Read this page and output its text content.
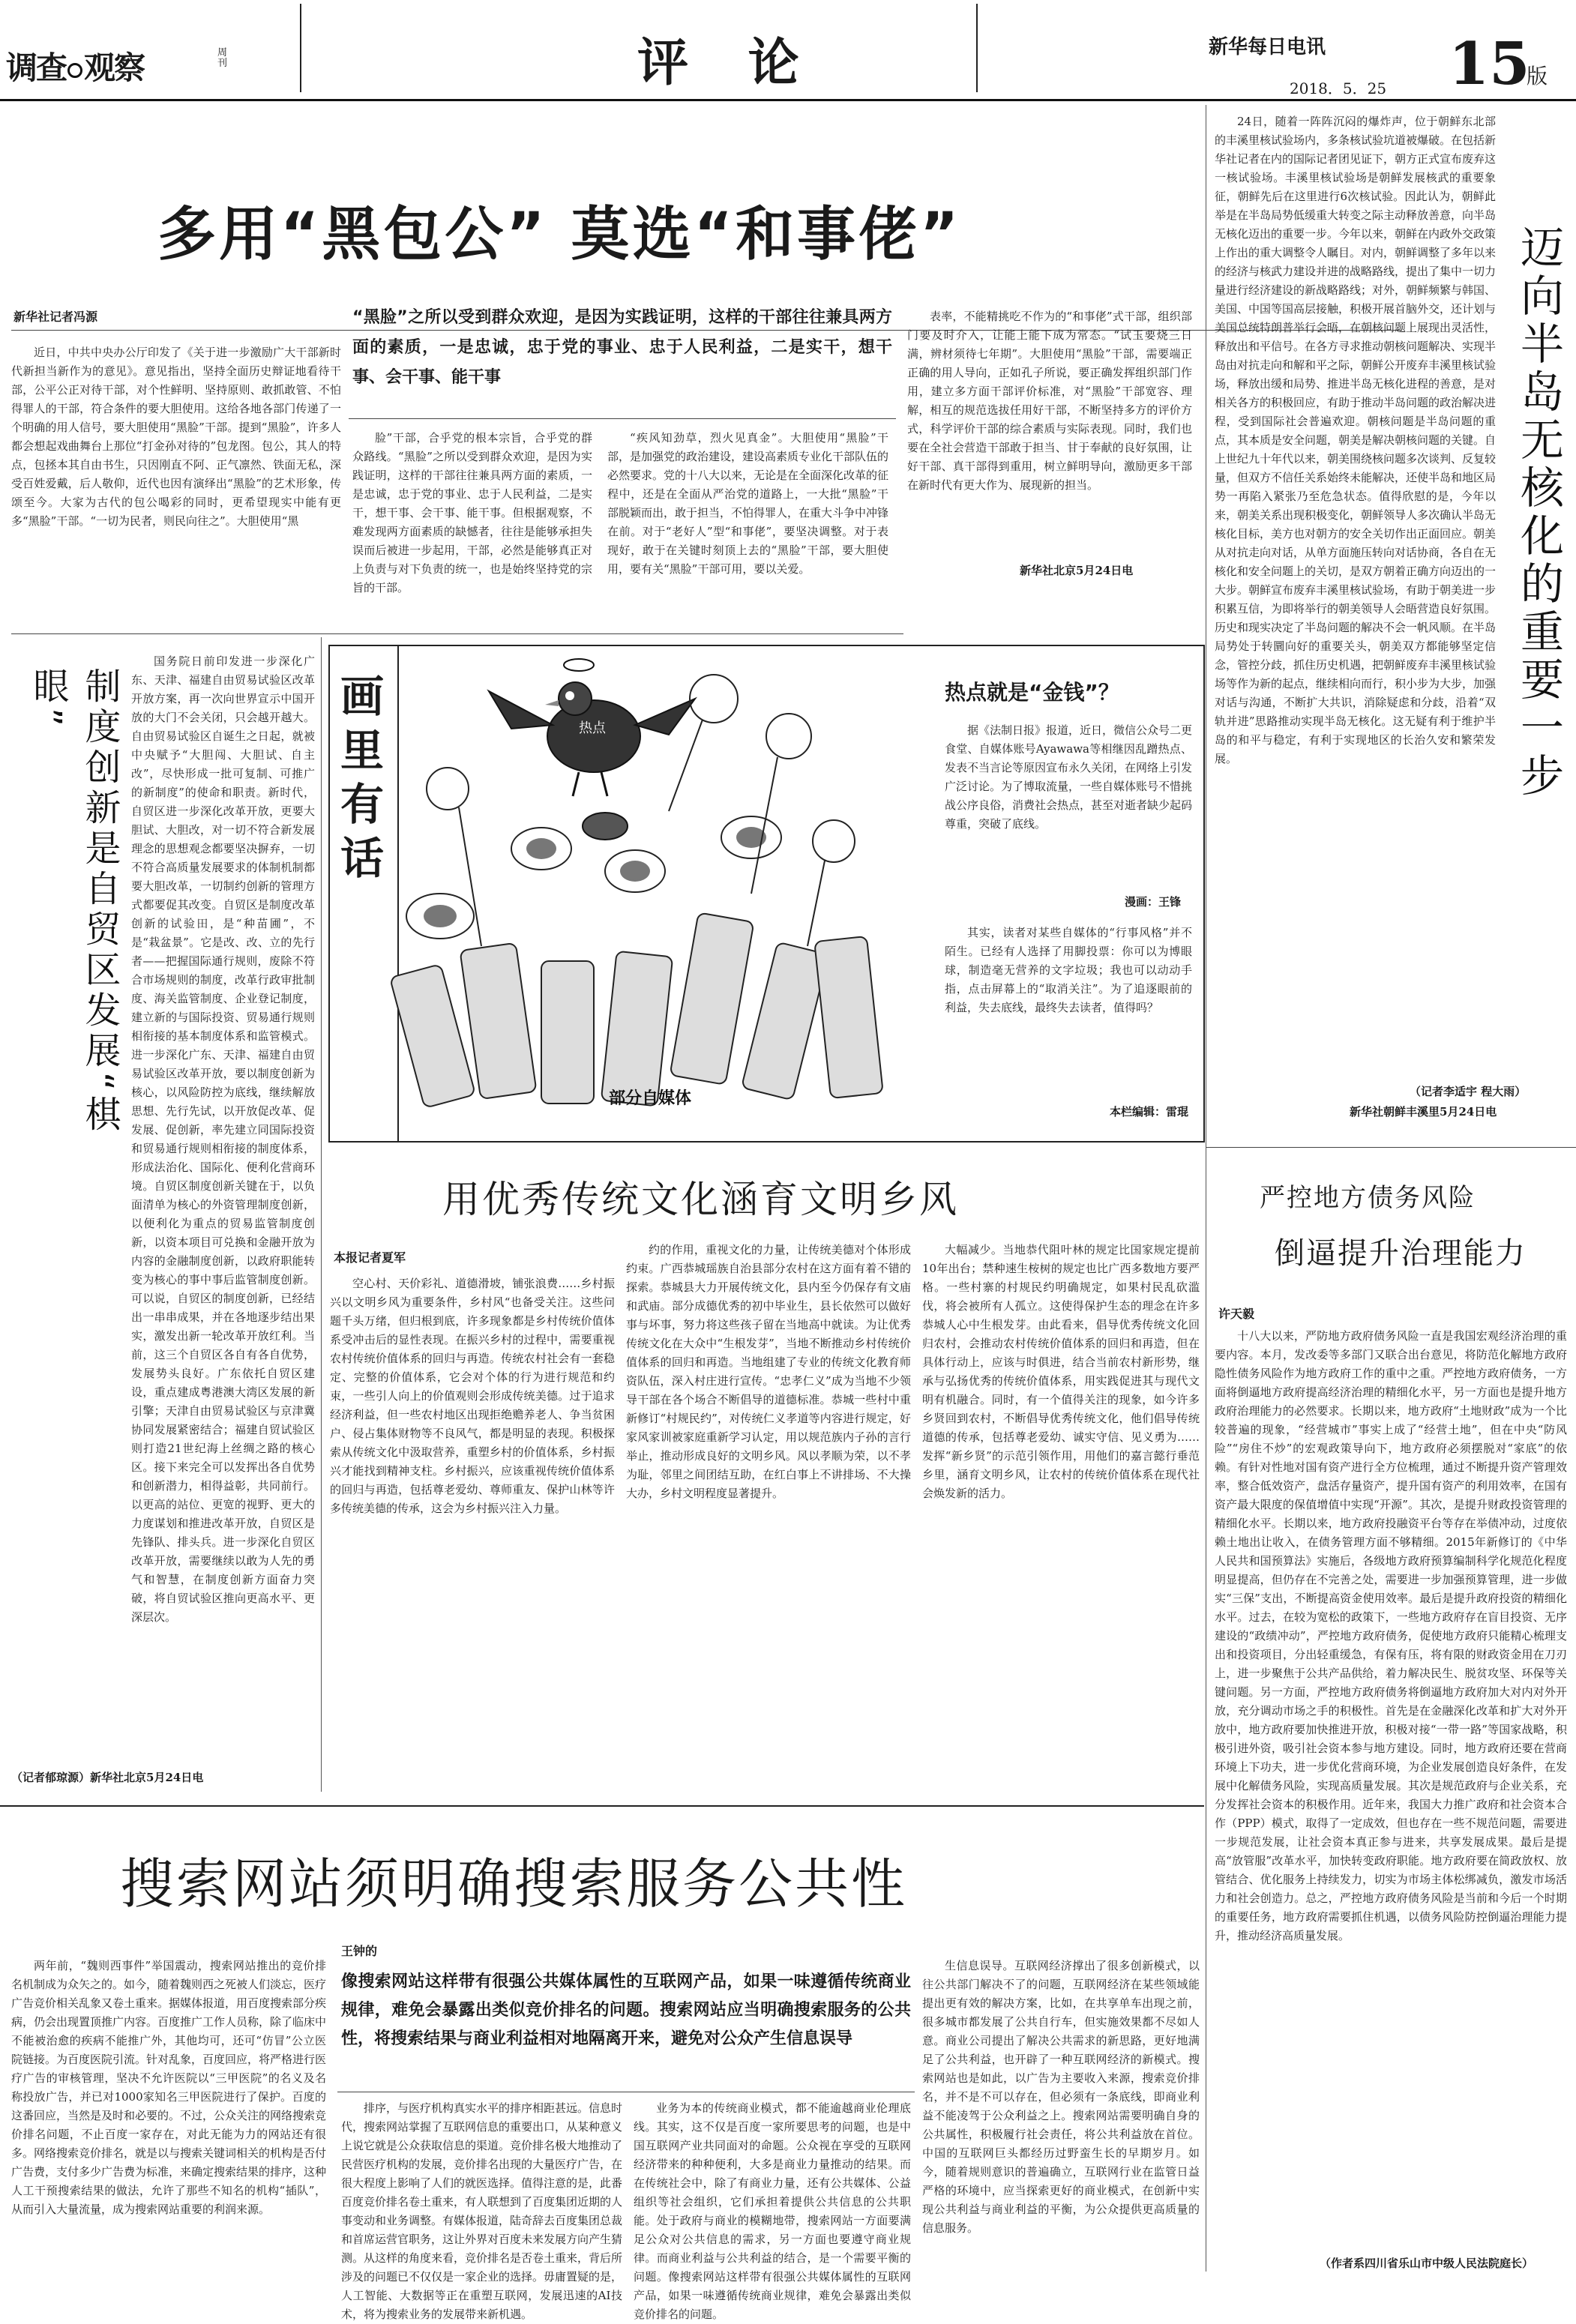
调查 观察	周刊	评 论	新华每日电讯
2018．5．25 15
版
多用“黑包公” 莫选“和事佬”
新华社记者冯源

近日，中共中央办公厅印发了《关于进一步激励广大干部新时代新担当新作为的意见》。意见指出，坚持全面历史辩证地看待干部，公平公正对待干部，对个性鲜明、坚持原则、敢抓敢管、不怕得罪人的干部，符合条件的要大胆使用。这给各地各部门传递了一个明确的用人信号，要大胆使用“黑脸”干部。提到“黑脸”，许多人都会想起戏曲舞台上那位“打金孙对待的”包龙图。包公，其人的特点，包拯本其自由书生，只因刚直不阿、正气凛然、铁面无私，深受百姓爱戴，后人敬仰，近代也因有演绎出“黑脸”的艺术形象，传颂至今。大家为古代的包公喝彩的同时，更希望现实中能有更多“黑脸”干部。“一切为民者，则民向往之”。大胆使用“黑

“黑脸”之所以受到群众欢迎，是因为实践证明，这样的干部往往兼具两方面的素质，一是忠诚，忠于党的事业、忠于人民利益，二是实干，想干事、会干事、能干事

脸”干部，合乎党的根本宗旨，合乎党的群众路线。“黑脸”之所以受到群众欢迎，是因为实践证明，这样的干部往往兼具两方面的素质，一是忠诚，忠于党的事业、忠于人民利益，二是实干，想干事、会干事、能干事。但根据观察，不难发现两方面素质的缺憾者，往往是能够承担失误而后被进一步起用，干部，必然是能够真正对上负责与对下负责的统一，也是始终坚持党的宗旨的干部。

“疾风知劲草，烈火见真金”。大胆使用“黑脸”干部，是加强党的政治建设，建设高素质专业化干部队伍的必然要求。党的十八大以来，无论是在全面深化改革的征程中，还是在全面从严治党的道路上，一大批“黑脸”干部脱颖而出，敢于担当，不怕得罪人，在重大斗争中冲锋在前。对于“老好人”型“和事佬”，要坚决调整。对于表现好，敢于在关键时刻顶上去的“黑脸”干部，要大胆使用，要有关“黑脸”干部可用，要以关爱。

表率，不能精挑吃不作为的“和事佬”式干部，组织部门要及时介入，让能上能下成为常态。“试玉要烧三日满，辨材须待七年期”。大胆使用“黑脸”干部，需要端正正确的用人导向，正如孔子所说，要正确发挥组织部门作用，建立多方面干部评价标准，对“黑脸”干部宽容、理解，相互的规范选拔任用好干部，不断坚持多方的评价方式，科学评价干部的综合素质与实际表现。同时，我们也要在全社会营造干部敢于担当、甘于奉献的良好氛围，让好干部、真干部得到重用，树立鲜明导向，激励更多干部在新时代有更大作为、展现新的担当。

新华社北京5月24日电

24日，随着一阵阵沉闷的爆炸声，位于朝鲜东北部的丰溪里核试验场内，多条核试验坑道被爆破。在包括新华社记者在内的国际记者团见证下，朝方正式宣布废弃这一核试验场。丰溪里核试验场是朝鲜发展核武的重要象征，朝鲜先后在这里进行6次核试验。因此认为，朝鲜此举是在半岛局势低缓重大转变之际主动释放善意，向半岛无核化迈出的重要一步。今年以来，朝鲜在内政外交政策上作出的重大调整令人瞩目。对内，朝鲜调整了多年以来的经济与核武力建设并进的战略路线，提出了集中一切力量进行经济建设的新战略路线；对外，朝鲜频繁与韩国、美国、中国等国高层接触，积极开展首脑外交，还计划与美国总统特朗普举行会晤，在朝核问题上展现出灵活性，释放出和平信号。在各方寻求推动朝核问题解决、实现半岛由对抗走向和解和平之际，朝鲜公开废弃丰溪里核试验场，释放出缓和局势、推进半岛无核化进程的善意，是对相关各方的积极回应，有助于推动半岛问题的政治解决进程，受到国际社会普遍欢迎。朝核问题是半岛问题的重点，其本质是安全问题，朝美是解决朝核问题的关键。自上世纪九十年代以来，朝美围绕核问题多次谈判、反复较量，但双方不信任关系始终未能解决，还使半岛和地区局势一再陷入紧张乃至危急状态。值得欣慰的是，今年以来，朝美关系出现积极变化，朝鲜领导人多次确认半岛无核化目标，美方也对朝方的安全关切作出正面回应。朝美从对抗走向对话，从单方面施压转向对话协商，各自在无核化和安全问题上的关切，是双方朝着正确方向迈出的一大步。朝鲜宣布废弃丰溪里核试验场，有助于朝美进一步积累互信，为即将举行的朝美领导人会晤营造良好氛围。历史和现实决定了半岛问题的解决不会一帆风顺。在半岛局势处于转圜向好的重要关头，朝美双方都能够坚定信念，管控分歧，抓住历史机遇，把朝鲜废弃丰溪里核试验场等作为新的起点，继续相向而行，积小步为大步，加强对话与沟通，不断扩大共识，消除疑虑和分歧，沿着“双轨并进”思路推动实现半岛无核化。这无疑有利于维护半岛的和平与稳定，有利于实现地区的长治久安和繁荣发展。	迈向半岛无核化的重要一步
（记者李适宇 程大雨）
新华社朝鲜丰溪里5月24日电
制度创新是自贸区发展“棋眼”

国务院日前印发进一步深化广东、天津、福建自由贸易试验区改革开放方案，再一次向世界宣示中国开放的大门不会关闭，只会越开越大。自由贸易试验区自诞生之日起，就被中央赋予“大胆闯、大胆试、自主改”，尽快形成一批可复制、可推广的新制度”的使命和职责。新时代，自贸区进一步深化改革开放，更要大胆试、大胆改，对一切不符合新发展理念的思想观念都要坚决摒弃，一切不符合高质量发展要求的体制机制都要大胆改革，一切制约创新的管理方式都要促其改变。自贸区是制度改革创新的试验田，是“种苗圃”，不是“栽盆景”。它是改、改、立的先行者——把握国际通行规则，废除不符合市场规则的制度，改革行政审批制度、海关监管制度、企业登记制度，建立新的与国际投资、贸易通行规则相衔接的基本制度体系和监管模式。进一步深化广东、天津、福建自由贸易试验区改革开放，要以制度创新为核心，以风险防控为底线，继续解放思想、先行先试，以开放促改革、促发展、促创新，率先建立同国际投资和贸易通行规则相衔接的制度体系，形成法治化、国际化、便利化营商环境。自贸区制度创新关键在于，以负面清单为核心的外资管理制度创新，以便利化为重点的贸易监管制度创新，以资本项目可兑换和金融开放为内容的金融制度创新，以政府职能转变为核心的事中事后监管制度创新。可以说，自贸区的制度创新，已经结出一串串成果，并在各地逐步结出果实，激发出新一轮改革开放红利。当前，这三个自贸区各自有各自优势，发展势头良好。广东依托自贸区建设，重点建成粤港澳大湾区发展的新引擎；天津自由贸易试验区与京津冀协同发展紧密结合；福建自贸试验区则打造21世纪海上丝绸之路的核心区。接下来完全可以发挥出各自优势和创新潜力，相得益彰，共同前行。以更高的站位、更宽的视野、更大的力度谋划和推进改革开放，自贸区是先锋队、排头兵。进一步深化自贸区改革开放，需要继续以敢为人先的勇气和智慧，在制度创新方面奋力突破，将自贸试验区推向更高水平、更深层次。

（记者郁琼源）新华社北京5月24日电
画
里
有
话
热点
部分自媒体
热点就是“金钱”？

据《法制日报》报道，近日，微信公众号二更食堂、自媒体账号Ayawawa等相继因乱蹭热点、发表不当言论等原因宣布永久关闭，在网络上引发广泛讨论。为了博取流量，一些自媒体账号不惜挑战公序良俗，消费社会热点，甚至对逝者缺少起码尊重，突破了底线。

漫画：王锋

其实，读者对某些自媒体的“行事风格”并不陌生。已经有人选择了用脚投票：你可以为博眼球，制造毫无营养的文字垃圾；我也可以动动手指，点击屏幕上的“取消关注”。为了追逐眼前的利益，失去底线，最终失去读者，值得吗？

本栏编辑：雷琨
用优秀传统文化涵育文明乡风
本报记者夏军

空心村、天价彩礼、道德滑坡，铺张浪费……乡村振兴以文明乡风为重要条件，乡村风“也备受关注。这些问题千头万绪，但归根到底，许多现象都是乡村传统价值体系受冲击后的显性表现。在振兴乡村的过程中，需要重视农村传统价值体系的回归与再造。传统农村社会有一套稳定、完整的价值体系，它会对个体的行为进行规范和约束，一些引人向上的价值观则会形成传统美德。过于追求经济利益，但一些农村地区出现拒绝赡养老人、争当贫困户、侵占集体财物等不良风气，都是明显的表现。积极探索从传统文化中汲取营养，重塑乡村的价值体系，乡村振兴才能找到精神支柱。乡村振兴，应该重视传统价值体系的回归与再造，包括尊老爱幼、尊师重友、保护山林等许多传统美德的传承，这会为乡村振兴注入力量。

约的作用，重视文化的力量，让传统美德对个体形成约束。广西恭城瑶族自治县部分农村在这方面有着不错的探索。恭城县大力开展传统文化，县内至今仍保存有文庙和武庙。部分成德优秀的初中毕业生，县长依然可以做好事与坏事，努力将这些孩子留在当地高中就读。为让优秀传统文化在大众中“生根发芽”，当地不断推动乡村传统价值体系的回归和再造。当地组建了专业的传统文化教育师资队伍，深入村庄进行宣传。“忠孝仁义”成为当地不少领导干部在各个场合不断倡导的道德标准。恭城一些村中重新修订“村规民约”，对传统仁义孝道等内容进行规定，好家风家训被家庭重新学习认定，用以规范族内子孙的言行举止，推动形成良好的文明乡风。风以孝顺为荣，以不孝为耻，邻里之间团结互助，在红白事上不讲排场、不大操大办，乡村文明程度显著提升。

大幅减少。当地恭代阻叶林的规定比国家规定提前10年出台；禁种速生桉树的规定也比广西多数地方要严格。一些村寨的村规民约明确规定，如果村民乱砍滥伐，将会被所有人孤立。这使得保护生态的理念在许多恭城人心中生根发芽。由此看来，倡导优秀传统文化回归农村，会推动农村传统价值体系的回归和再造，但在具体行动上，应该与时俱进，结合当前农村新形势，继承与弘扬优秀的传统价值体系，用实践促进其与现代文明有机融合。同时，有一个值得关注的现象，如今许多乡贤回到农村，不断倡导优秀传统文化，他们倡导传统道德的传承，包括尊老爱幼、诚实守信、见义勇为……发挥“新乡贤”的示范引领作用，用他们的嘉言懿行垂范乡里，涵育文明乡风，让农村的传统价值体系在现代社会焕发新的活力。

严控地方债务风险
倒逼提升治理能力
许天毅

十八大以来，严防地方政府债务风险一直是我国宏观经济治理的重要内容。本月，发改委等多部门又联合出台意见，将防范化解地方政府隐性债务风险作为地方政府工作的重中之重。严控地方政府债务，一方面将倒逼地方政府提高经济治理的精细化水平，另一方面也是提升地方政府治理能力的必然要求。长期以来，地方政府“土地财政”成为一个比较普遍的现象，“经营城市”事实上成了“经营土地”，但在中央“防风险”“房住不炒”的宏观政策导向下，地方政府必须摆脱对“家底”的依赖。有针对性地对国有资产进行全方位梳理，通过不断提升资产管理效率，整合低效资产，盘活存量资产，提升国有资产的利用效率，在国有资产最大限度的保值增值中实现“开源”。其次，是提升财政投资管理的精细化水平。长期以来，地方政府投融资平台等存在举债冲动，过度依赖土地出让收入，在债务管理方面不够精细。2015年新修订的《中华人民共和国预算法》实施后，各级地方政府预算编制科学化规范化程度明显提高，但仍存在不完善之处，需要进一步加强预算管理，进一步做实“三保”支出，不断提高资金使用效率。最后是提升政府投资的精细化水平。过去，在较为宽松的政策下，一些地方政府存在盲目投资、无序建设的“政绩冲动”，严控地方政府债务，促使地方政府只能精心梳理支出和投资项目，分出轻重缓急，有保有压，将有限的财政资金用在刀刃上，进一步聚焦于公共产品供给，着力解决民生、脱贫攻坚、环保等关键问题。另一方面，严控地方政府债务将倒逼地方政府加大对内对外开放，充分调动市场之手的积极性。首先是在金融深化改革和扩大对外开放中，地方政府要加快推进开放，积极对接“一带一路”等国家战略，积极引进外资，吸引社会资本参与地方建设。同时，地方政府还要在营商环境上下功夫，进一步优化营商环境，为企业发展创造良好条件，在发展中化解债务风险，实现高质量发展。其次是规范政府与企业关系，充分发挥社会资本的积极作用。近年来，我国大力推广政府和社会资本合作（PPP）模式，取得了一定成效，但也存在一些不规范问题，需要进一步规范发展，让社会资本真正参与进来，共享发展成果。最后是提高“放管服”改革水平，加快转变政府职能。地方政府要在简政放权、放管结合、优化服务上持续发力，切实为市场主体松绑减负，激发市场活力和社会创造力。总之，严控地方政府债务风险是当前和今后一个时期的重要任务，地方政府需要抓住机遇，以债务风险防控倒逼治理能力提升，推动经济高质量发展。

（作者系四川省乐山市中级人民法院庭长）
搜索网站须明确搜索服务公共性
王钟的

两年前，“魏则西事件”举国震动，搜索网站推出的竞价排名机制成为众矢之的。如今，随着魏则西之死被人们淡忘，医疗广告竞价相关乱象又卷土重来。据媒体报道，用百度搜索部分疾病，仍会出现置顶推广内容。百度推广工作人员称，除了临床中不能被治愈的疾病不能推广外，其他均可，还可“仿冒”公立医院链接。为百度医院引流。针对乱象，百度回应，将严格进行医疗广告的审核管理，坚决不允许医院以“三甲医院”的名义及名称投放广告，并已对1000家知名三甲医院进行了保护。百度的这番回应，当然是及时和必要的。不过，公众关注的网络搜索竞价排名问题，不止百度一家存在，对此无能为力的网站还有很多。网络搜索竞价排名，就是以与搜索关键词相关的机构是否付广告费，支付多少广告费为标准，来确定搜索结果的排序，这种人工干预搜索结果的做法，允许了那些不知名的机构“插队”，从而引入大量流量，成为搜索网站重要的利润来源。

像搜索网站这样带有很强公共媒体属性的互联网产品，如果一味遵循传统商业规律，难免会暴露出类似竞价排名的问题。搜索网站应当明确搜索服务的公共性，将搜索结果与商业利益相对地隔离开来，避免对公众产生信息误导

排序，与医疗机构真实水平的排序相距甚远。信息时代，搜索网站掌握了互联网信息的重要出口，从某种意义上说它就是公众获取信息的渠道。竞价排名极大地推动了民营医疗机构的发展，竞价排名出现的大量医疗广告，在很大程度上影响了人们的就医选择。值得注意的是，此番百度竞价排名卷土重来，有人联想到了百度集团近期的人事变动和业务调整。有媒体报道，陆奇辞去百度集团总裁和首席运营官职务，这让外界对百度未来发展方向产生猜测。从这样的角度来看，竞价排名是否卷土重来，背后所涉及的问题已不仅仅是一家企业的选择。毋庸置疑的是，人工智能、大数据等正在重塑互联网，发展迅速的AI技术，将为搜索业务的发展带来新机遇。

业务为本的传统商业模式，都不能逾越商业伦理底线。其实，这不仅是百度一家所要思考的问题，也是中国互联网产业共同面对的命题。公众视在享受的互联网经济带来的种种便利，大多是商业力量推动的结果。而在传统社会中，除了有商业力量，还有公共媒体、公益组织等社会组织，它们承担着提供公共信息的公共职能。处于政府与商业的模糊地带，搜索网站一方面要满足公众对公共信息的需求，另一方面也要遵守商业规律。而商业利益与公共利益的结合，是一个需要平衡的问题。像搜索网站这样带有很强公共媒体属性的互联网产品，如果一味遵循传统商业规律，难免会暴露出类似竞价排名的问题。

生信息误导。互联网经济撑出了很多创新模式，以往公共部门解决不了的问题，互联网经济在某些领域能提出更有效的解决方案，比如，在共享单车出现之前，很多城市都发展了公共自行车，但实施效果都不尽如人意。商业公司提出了解决公共需求的新思路，更好地满足了公共利益，也开辟了一种互联网经济的新模式。搜索网站也是如此，以广告为主要收入来源，搜索竞价排名，并不是不可以存在，但必须有一条底线，即商业利益不能凌驾于公众利益之上。搜索网站需要明确自身的公共属性，积极履行社会责任，将公共利益放在首位。中国的互联网巨头都经历过野蛮生长的早期岁月。如今，随着规则意识的普遍确立，互联网行业在监管日益严格的环境中，应当探索更好的商业模式，在创新中实现公共利益与商业利益的平衡，为公众提供更高质量的信息服务。
